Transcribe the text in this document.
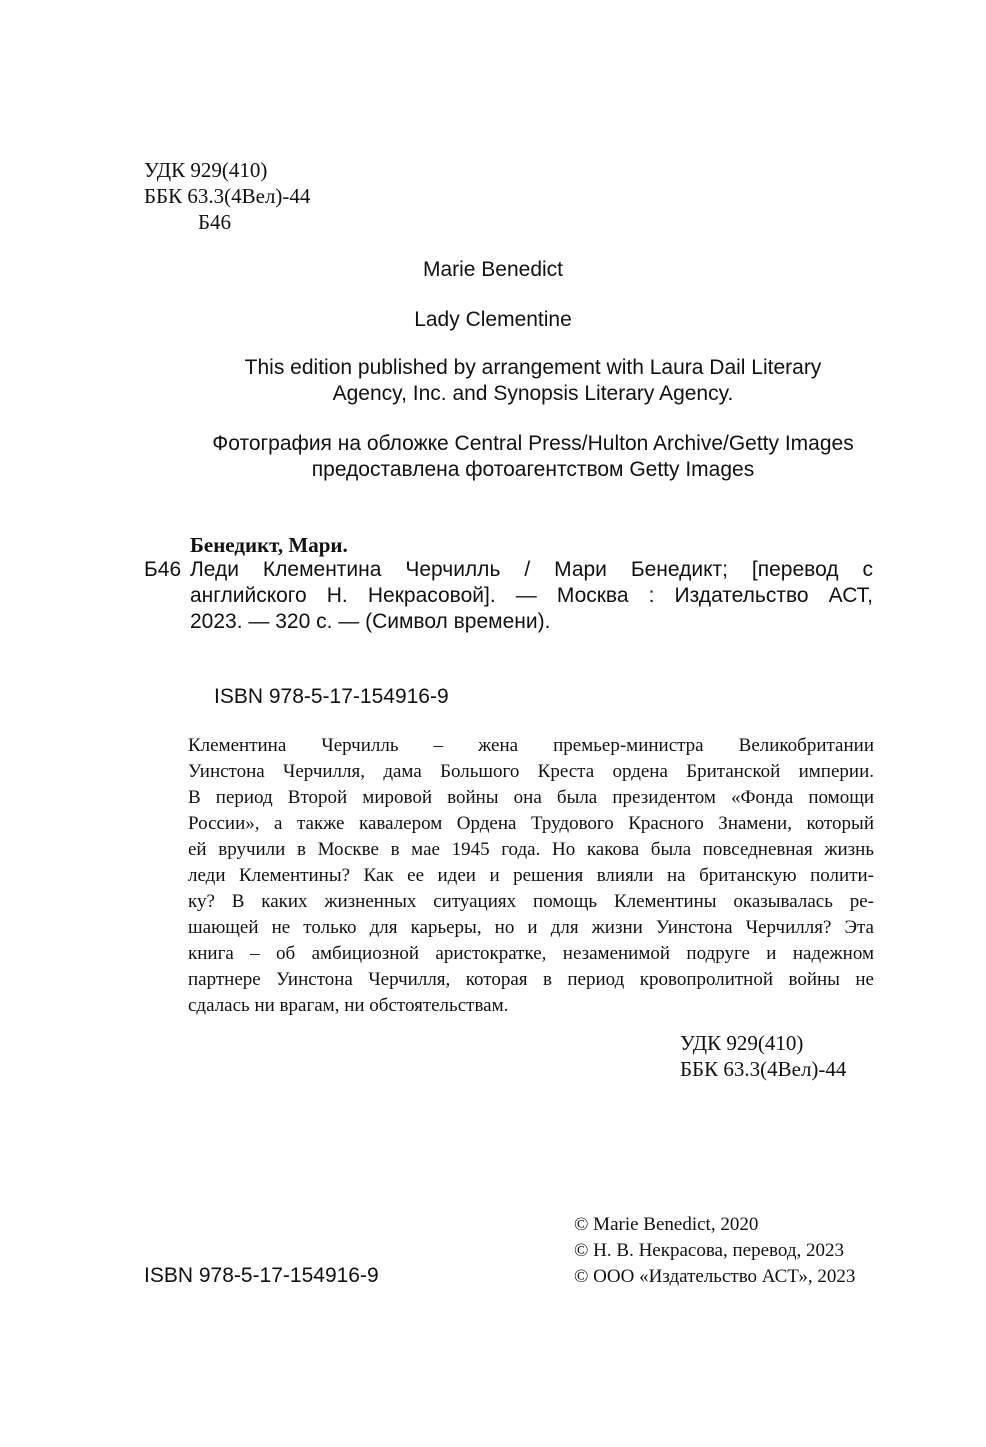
УДК 929(410)
ББК 63.3(4Вел)-44
Б46
Marie Benedict
Lady Clementine
This edition published by arrangement with Laura Dail Literary
Agency, Inc. and Synopsis Literary Agency.
Фотография на обложке Central Press/Hulton Archive/Getty Images
предоставлена фотоагентством Getty Images
Бенедикт, Мари.
Б46 Леди Клементина Черчилль / Мари Бенедикт; [перевод с
английского Н. Некрасовой]. — Москва : Издательство АСТ,
2023. — 320 с. — (Символ времени).
ISBN 978-5-17-154916-9
Клементина Черчилль – жена премьер-министра Великобритании
Уинстона Черчилля, дама Большого Креста ордена Британской империи.
В период Второй мировой войны она была президентом «Фонда помощи
России», а также кавалером Ордена Трудового Красного Знамени, который
ей вручили в Москве в мае 1945 года. Но какова была повседневная жизнь
леди Клементины? Как ее идеи и решения влияли на британскую полити-
ку? В каких жизненных ситуациях помощь Клементины оказывалась ре-
шающей не только для карьеры, но и для жизни Уинстона Черчилля? Эта
книга – об амбициозной аристократке, незаменимой подруге и надежном
партнере Уинстона Черчилля, которая в период кровопролитной войны не
сдалась ни врагам, ни обстоятельствам.
УДК 929(410)
ББК 63.3(4Вел)-44
© Marie Benedict, 2020
© Н. В. Некрасова, перевод, 2023
© ООО «Издательство АСТ», 2023
ISBN 978-5-17-154916-9
